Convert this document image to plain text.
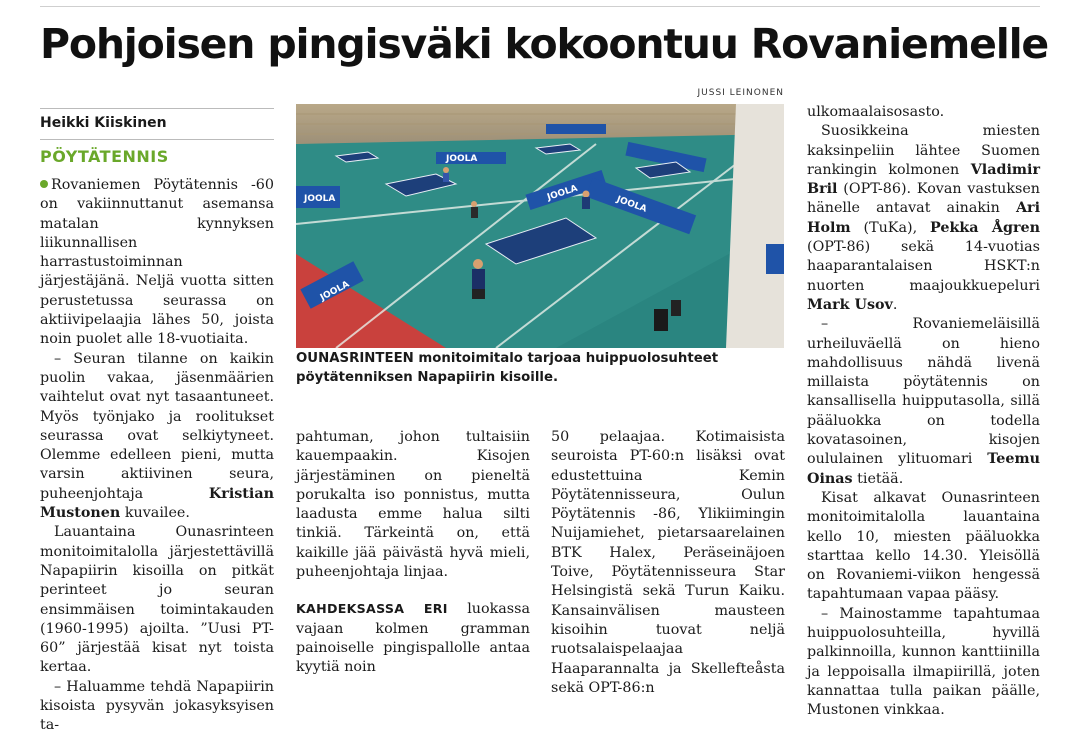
Pohjoisen pingisväki kokoontuu Rovaniemelle
Heikki Kiiskinen
PÖYTÄTENNIS

Rovaniemen Pöytätennis -60 on vakiinnuttanut asemansa matalan kynnyksen liikunnallisen harrastustoiminnan järjestäjänä. Neljä vuotta sitten perustetussa seurassa on aktiivipelaajia lähes 50, joista noin puolet alle 18-vuotiaita.

– Seuran tilanne on kaikin puolin vakaa, jäsenmäärien vaihtelut ovat nyt tasaantuneet. Myös työnjako ja roolitukset seurassa ovat selkiytyneet. Olemme edelleen pieni, mutta varsin aktiivinen seura, puheenjohtaja Kristian Mustonen kuvailee.

Lauantaina Ounasrinteen monitoimitalolla järjestettävillä Napapiirin kisoilla on pitkät perinteet jo seuran ensimmäisen toimintakauden (1960-1995) ajoilta. ”Uusi PT-60” järjestää kisat nyt toista kertaa.

– Haluamme tehdä Napapiirin kisoista pysyvän jokasyksyisen ta-

JUSSI LEINONEN
JOOLA
JOOLA
JOOLA
JOOLA
JOOLA
OUNASRINTEEN monitoimitalo tarjoaa huippuolosuhteet pöytätenniksen Napapiirin kisoille.

pahtuman, johon tultaisiin kauempaakin. Kisojen järjestäminen on pieneltä porukalta iso ponnistus, mutta laadusta emme halua silti tinkiä. Tärkeintä on, että kaikille jää päivästä hyvä mieli, puheenjohtaja linjaa.

KAHDEKSASSA ERI luokassa vajaan kolmen gramman painoiselle pingispallolle antaa kyytiä noin

50 pelaajaa. Kotimaisista seuroista PT-60:n lisäksi ovat edustettuina Kemin Pöytätennisseura, Oulun Pöytätennis -86, Ylikiimingin Nuijamiehet, pietarsaarelainen BTK Halex, Peräseinäjoen Toive, Pöytätennisseura Star Helsingistä sekä Turun Kaiku. Kansainvälisen mausteen kisoihin tuovat neljä ruotsalaispelaajaa Haaparannalta ja Skellefteåsta sekä OPT-86:n

ulkomaalaisosasto.

Suosikkeina miesten kaksinpeliin lähtee Suomen rankingin kolmonen Vladimir Bril (OPT-86). Kovan vastuksen hänelle antavat ainakin Ari Holm (TuKa), Pekka Ågren (OPT-86) sekä 14-vuotias haaparantalaisen HSKT:n nuorten maajoukkuepeluri Mark Usov.

– Rovaniemeläisillä urheiluväellä on hieno mahdollisuus nähdä livenä millaista pöytätennis on kansallisella huipputasolla, sillä pääluokka on todella kovatasoinen, kisojen oululainen ylituomari Teemu Oinas tietää.

Kisat alkavat Ounasrinteen monitoimitalolla lauantaina kello 10, miesten pääluokka starttaa kello 14.30. Yleisöllä on Rovaniemi-viikon hengessä tapahtumaan vapaa pääsy.

– Mainostamme tapahtumaa huippuolosuhteilla, hyvillä palkinnoilla, kunnon kanttiinilla ja leppoisalla ilmapiirillä, joten kannattaa tulla paikan päälle, Mustonen vinkkaa.
